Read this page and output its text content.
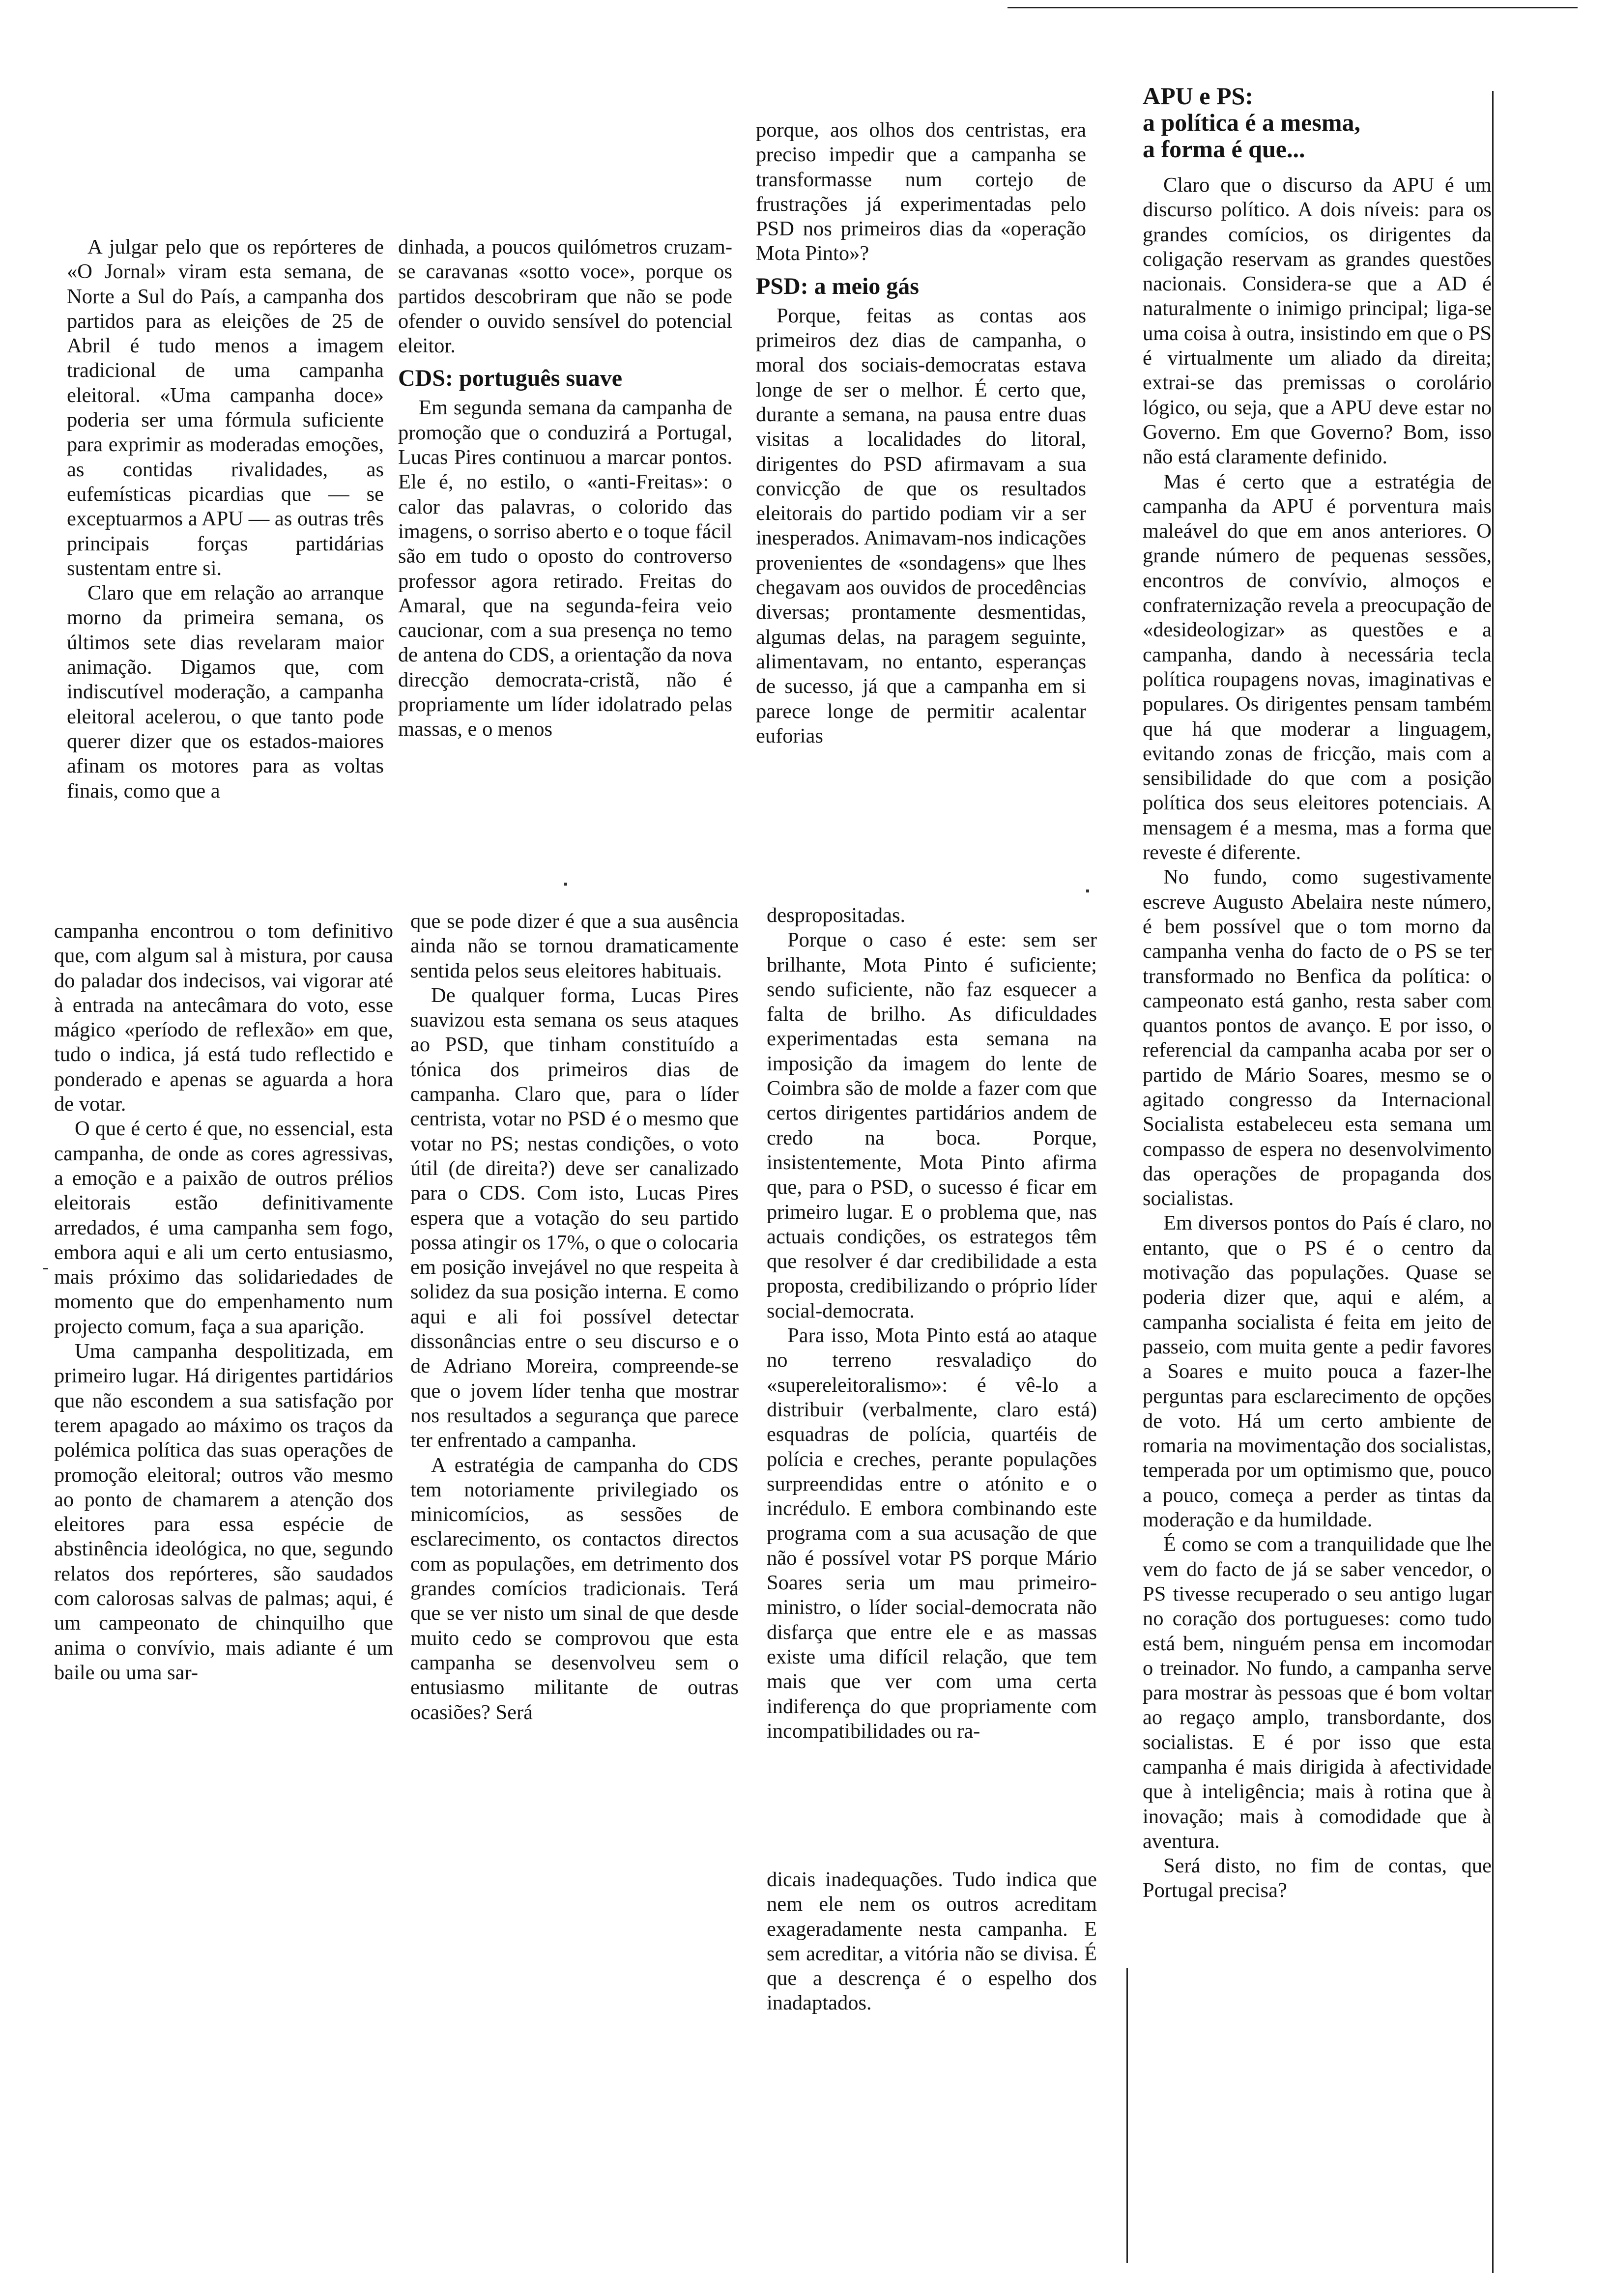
A julgar pelo que os repórteres de «O Jornal» viram esta semana, de Norte a Sul do País, a campanha dos partidos para as eleições de 25 de Abril é tudo menos a imagem tradicional de uma campanha eleitoral. «Uma campanha doce» poderia ser uma fórmula suficiente para exprimir as moderadas emoções, as contidas rivalidades, as eufemísticas picardias que — se exceptuarmos a APU — as outras três principais forças partidárias sustentam entre si.

Claro que em relação ao arranque morno da primeira semana, os últimos sete dias revelaram maior animação. Digamos que, com indiscutível moderação, a campanha eleitoral acelerou, o que tanto pode querer dizer que os estados-maiores afinam os motores para as voltas finais, como que a

dinhada, a poucos quilómetros cruzam-se caravanas «sotto voce», porque os partidos descobriram que não se pode ofender o ouvido sensível do potencial eleitor.

CDS: português suave

Em segunda semana da campanha de promoção que o conduzirá a Portugal, Lucas Pires continuou a marcar pontos. Ele é, no estilo, o «anti-Freitas»: o calor das palavras, o colorido das imagens, o sorriso aberto e o toque fácil são em tudo o oposto do controverso professor agora retirado. Freitas do Amaral, que na segunda-feira veio caucionar, com a sua presença no temo de antena do CDS, a orientação da nova direcção democrata-cristã, não é propriamente um líder idolatrado pelas massas, e o menos

porque, aos olhos dos centristas, era preciso impedir que a campanha se transformasse num cortejo de frustrações já experimentadas pelo PSD nos primeiros dias da «operação Mota Pinto»?

PSD: a meio gás

Porque, feitas as contas aos primeiros dez dias de campanha, o moral dos sociais-democratas estava longe de ser o melhor. É certo que, durante a semana, na pausa entre duas visitas a localidades do litoral, dirigentes do PSD afirmavam a sua convicção de que os resultados eleitorais do partido podiam vir a ser inesperados. Animavam-nos indicações provenientes de «sondagens» que lhes chegavam aos ouvidos de procedências diversas; prontamente desmentidas, algumas delas, na paragem seguinte, alimentavam, no entanto, esperanças de sucesso, já que a campanha em si parece longe de permitir acalentar euforias

APU e PS:
a política é a mesma,
a forma é que...

Claro que o discurso da APU é um discurso político. A dois níveis: para os grandes comícios, os dirigentes da coligação reservam as grandes questões nacionais. Considera-se que a AD é naturalmente o inimigo principal; liga-se uma coisa à outra, insistindo em que o PS é virtualmente um aliado da direita; extrai-se das premissas o corolário lógico, ou seja, que a APU deve estar no Governo. Em que Governo? Bom, isso não está claramente definido.

Mas é certo que a estratégia de campanha da APU é porventura mais maleável do que em anos anteriores. O grande número de pequenas sessões, encontros de convívio, almoços e confraternização revela a preocupação de «desideologizar» as questões e a campanha, dando à necessária tecla política roupagens novas, imaginativas e populares. Os dirigentes pensam também que há que moderar a linguagem, evitando zonas de fricção, mais com a sensibilidade do que com a posição política dos seus eleitores potenciais. A mensagem é a mesma, mas a forma que reveste é diferente.

No fundo, como sugestivamente escreve Augusto Abelaira neste número, é bem possível que o tom morno da campanha venha do facto de o PS se ter transformado no Benfica da política: o campeonato está ganho, resta saber com quantos pontos de avanço. E por isso, o referencial da campanha acaba por ser o partido de Mário Soares, mesmo se o agitado congresso da Internacional Socialista estabeleceu esta semana um compasso de espera no desenvolvimento das operações de propaganda dos socialistas.

Em diversos pontos do País é claro, no entanto, que o PS é o centro da motivação das populações. Quase se poderia dizer que, aqui e além, a campanha socialista é feita em jeito de passeio, com muita gente a pedir favores a Soares e muito pouca a fazer-lhe perguntas para esclarecimento de opções de voto. Há um certo ambiente de romaria na movimentação dos socialistas, temperada por um optimismo que, pouco a pouco, começa a perder as tintas da moderação e da humildade.

É como se com a tranquilidade que lhe vem do facto de já se saber vencedor, o PS tivesse recuperado o seu antigo lugar no coração dos portugueses: como tudo está bem, ninguém pensa em incomodar o treinador. No fundo, a campanha serve para mostrar às pessoas que é bom voltar ao regaço amplo, transbordante, dos socialistas. E é por isso que esta campanha é mais dirigida à afectividade que à inteligência; mais à rotina que à inovação; mais à comodidade que à aventura.

Será disto, no fim de contas, que Portugal precisa?

campanha encontrou o tom definitivo que, com algum sal à mistura, por causa do paladar dos indecisos, vai vigorar até à entrada na antecâmara do voto, esse mágico «período de reflexão» em que, tudo o indica, já está tudo reflectido e ponderado e apenas se aguarda a hora de votar.

O que é certo é que, no essencial, esta campanha, de onde as cores agressivas, a emoção e a paixão de outros prélios eleitorais estão definitivamente arredados, é uma campanha sem fogo, embora aqui e ali um certo entusiasmo, mais próximo das solidariedades de momento que do empenhamento num projecto comum, faça a sua aparição.

Uma campanha despolitizada, em primeiro lugar. Há dirigentes partidários que não escondem a sua satisfação por terem apagado ao máximo os traços da polémica política das suas operações de promoção eleitoral; outros vão mesmo ao ponto de chamarem a atenção dos eleitores para essa espécie de abstinência ideológica, no que, segundo relatos dos repórteres, são saudados com calorosas salvas de palmas; aqui, é um campeonato de chinquilho que anima o convívio, mais adiante é um baile ou uma sar-

que se pode dizer é que a sua ausência ainda não se tornou dramaticamente sentida pelos seus eleitores habituais.

De qualquer forma, Lucas Pires suavizou esta semana os seus ataques ao PSD, que tinham constituído a tónica dos primeiros dias de campanha. Claro que, para o líder centrista, votar no PSD é o mesmo que votar no PS; nestas condições, o voto útil (de direita?) deve ser canalizado para o CDS. Com isto, Lucas Pires espera que a votação do seu partido possa atingir os 17%, o que o colocaria em posição invejável no que respeita à solidez da sua posição interna. E como aqui e ali foi possível detectar dissonâncias entre o seu discurso e o de Adriano Moreira, compreende-se que o jovem líder tenha que mostrar nos resultados a segurança que parece ter enfrentado a campanha.

A estratégia de campanha do CDS tem notoriamente privilegiado os minicomícios, as sessões de esclarecimento, os contactos directos com as populações, em detrimento dos grandes comícios tradicionais. Terá que se ver nisto um sinal de que desde muito cedo se comprovou que esta campanha se desenvolveu sem o entusiasmo militante de outras ocasiões? Será

despropositadas.

Porque o caso é este: sem ser brilhante, Mota Pinto é suficiente; sendo suficiente, não faz esquecer a falta de brilho. As dificuldades experimentadas esta semana na imposição da imagem do lente de Coimbra são de molde a fazer com que certos dirigentes partidários andem de credo na boca. Porque, insistentemente, Mota Pinto afirma que, para o PSD, o sucesso é ficar em primeiro lugar. E o problema que, nas actuais condições, os estrategos têm que resolver é dar credibilidade a esta proposta, credibilizando o próprio líder social-democrata.

Para isso, Mota Pinto está ao ataque no terreno resvaladiço do «supereleitoralismo»: é vê-lo a distribuir (verbalmente, claro está) esquadras de polícia, quartéis de polícia e creches, perante populações surpreendidas entre o atónito e o incrédulo. E embora combinando este programa com a sua acusação de que não é possível votar PS porque Mário Soares seria um mau primeiro-ministro, o líder social-democrata não disfarça que entre ele e as massas existe uma difícil relação, que tem mais que ver com uma certa indiferença do que propriamente com incompatibilidades ou ra-

dicais inadequações. Tudo indica que nem ele nem os outros acreditam exageradamente nesta campanha. E sem acreditar, a vitória não se divisa. É que a descrença é o espelho dos inadaptados.
